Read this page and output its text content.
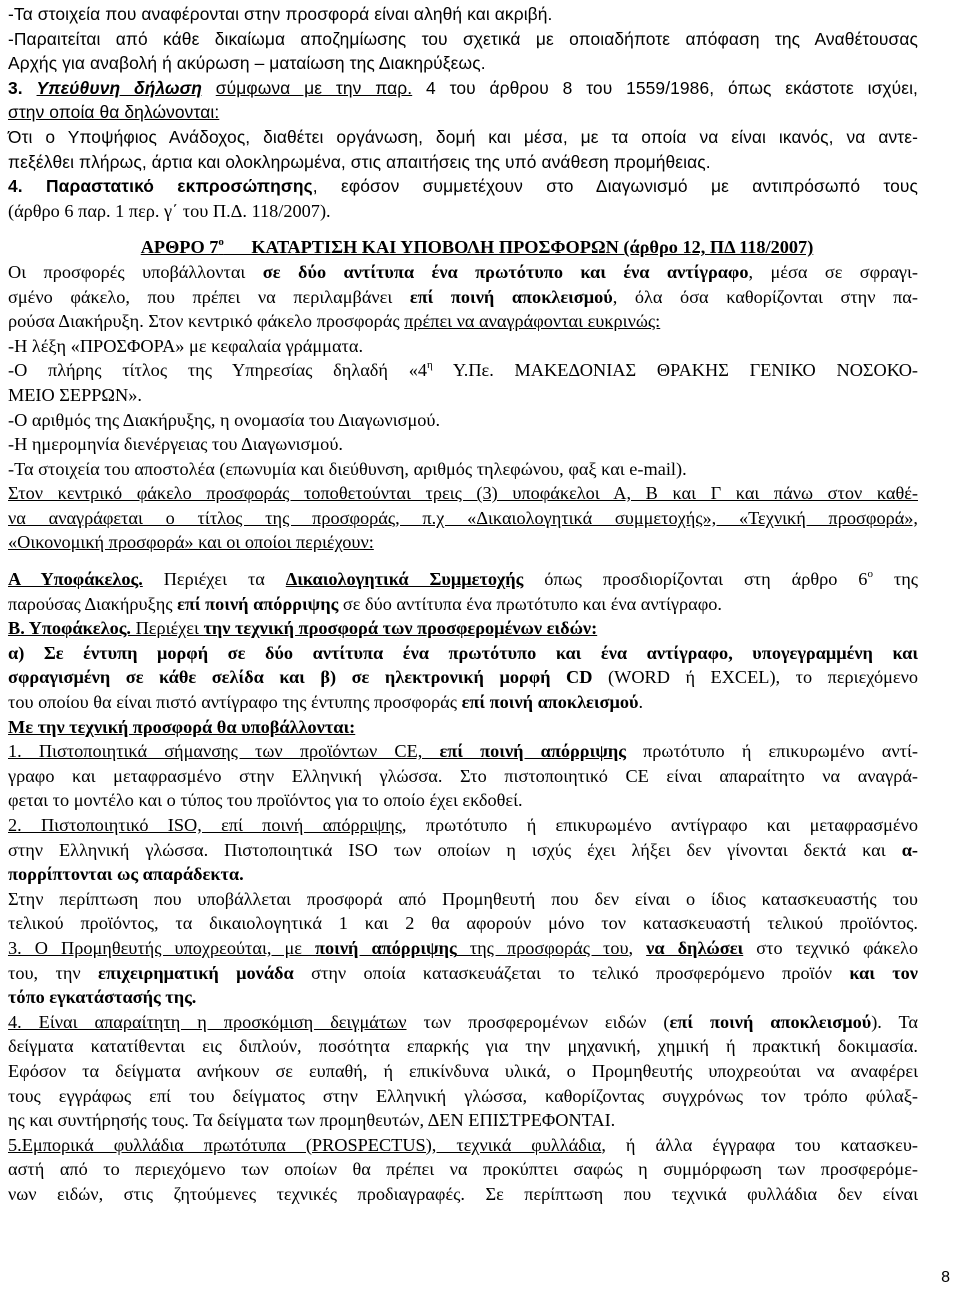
-Τα στοιχεία που αναφέρονται στην προσφορά είναι αληθή και ακριβή.
-Παραιτείται από κάθε δικαίωμα αποζημίωσης του σχετικά με οποιαδήποτε απόφαση της Αναθέτουσας
Αρχής για αναβολή ή ακύρωση – ματαίωση της Διακηρύξεως.
3. Υπεύθυνη δήλωση σύμφωνα με την παρ. 4 του άρθρου 8 του 1559/1986, όπως εκάστοτε ισχύει,
στην οποία θα δηλώνονται:
Ότι ο Υποψήφιος Ανάδοχος, διαθέτει οργάνωση, δομή και μέσα, με τα οποία να είναι ικανός, να αντε-
πεξέλθει πλήρως, άρτια και ολοκληρωμένα, στις απαιτήσεις της υπό ανάθεση προμήθειας.
4. Παραστατικό εκπροσώπησης, εφόσον συμμετέχουν στο Διαγωνισμό με αντιπρόσωπό τους
(άρθρο 6 παρ. 1 περ. γ΄ του Π.Δ. 118/2007).
ΑΡΘΡΟ $7^o$      ΚΑΤΑΡΤΙΣΗ ΚΑΙ ΥΠΟΒΟΛΗ ΠΡΟΣΦΟΡΩΝ (άρθρο 12, ΠΔ 118/2007)
Οι προσφορές υποβάλλονται σε δύο αντίτυπα ένα πρωτότυπο και ένα αντίγραφο, μέσα σε σφραγι-
σμένο φάκελο, που πρέπει να περιλαμβάνει επί ποινή αποκλεισμού, όλα όσα καθορίζονται στην πα-
ρούσα Διακήρυξη. Στον κεντρικό φάκελο προσφοράς πρέπει να αναγράφονται ευκρινώς:
-Η λέξη «ΠΡΟΣΦΟΡΑ» με κεφαλαία γράμματα.
-Ο πλήρης τίτλος της Υπηρεσίας δηλαδή «$4^\eta$ Υ.Πε. ΜΑΚΕΔΟΝΙΑΣ ΘΡΑΚΗΣ ΓΕΝΙΚΟ ΝΟΣΟΚΟ-
ΜΕΙΟ ΣΕΡΡΩΝ».
-Ο αριθμός της Διακήρυξης, η ονομασία του Διαγωνισμού.
-Η ημερομηνία διενέργειας του Διαγωνισμού.
-Τα στοιχεία του αποστολέα (επωνυμία και διεύθυνση, αριθμός τηλεφώνου, φαξ και e-mail).
Στον κεντρικό φάκελο προσφοράς τοποθετούνται τρεις (3) υποφάκελοι Α, Β και Γ και πάνω στον καθέ-
να αναγράφεται ο τίτλος της προσφοράς, π.χ «Δικαιολογητικά συμμετοχής», «Τεχνική προσφορά»,
«Οικονομική προσφορά» και οι οποίοι περιέχουν:
Α Υποφάκελος. Περιέχει τα Δικαιολογητικά Συμμετοχής όπως προσδιορίζονται στη άρθρο $6^o$ της
παρούσας Διακήρυξης επί ποινή απόρριψης σε δύο αντίτυπα ένα πρωτότυπο και ένα αντίγραφο.
Β. Υποφάκελος. Περιέχει την τεχνική προσφορά των προσφερομένων ειδών:
α) Σε έντυπη μορφή σε δύο αντίτυπα ένα πρωτότυπο και ένα αντίγραφο, υπογεγραμμένη και
σφραγισμένη σε κάθε σελίδα και β) σε ηλεκτρονική μορφή CD (WORD ή EXCEL), το περιεχόμενο
του οποίου θα είναι πιστό αντίγραφο της έντυπης προσφοράς επί ποινή αποκλεισμού.
Με την τεχνική προσφορά θα υποβάλλονται:
1. Πιστοποιητικά σήμανσης των προϊόντων CE, επί ποινή απόρριψης πρωτότυπο ή επικυρωμένο αντί-
γραφο και μεταφρασμένο στην Ελληνική γλώσσα. Στο πιστοποιητικό CE είναι απαραίτητο να αναγρά-
φεται το μοντέλο και ο τύπος του προϊόντος για το οποίο έχει εκδοθεί.
2. Πιστοποιητικό ISO, επί ποινή απόρριψης, πρωτότυπο ή επικυρωμένο αντίγραφο και μεταφρασμένο
στην Ελληνική γλώσσα. Πιστοποιητικά ISO των οποίων η ισχύς έχει λήξει δεν γίνονται δεκτά και α-
πορρίπτονται ως απαράδεκτα.
Στην περίπτωση που υποβάλλεται προσφορά από Προμηθευτή που δεν είναι ο ίδιος κατασκευαστής του
τελικού προϊόντος, τα δικαιολογητικά 1 και 2 θα αφορούν μόνο τον κατασκευαστή τελικού προϊόντος.
3. Ο Προμηθευτής υποχρεούται, με ποινή απόρριψης της προσφοράς του, να δηλώσει στο τεχνικό φάκελο
του, την επιχειρηματική μονάδα στην οποία κατασκευάζεται το τελικό προσφερόμενο προϊόν και τον
τόπο εγκατάστασής της.
4. Είναι απαραίτητη η προσκόμιση δειγμάτων των προσφερομένων ειδών (επί ποινή αποκλεισμού). Τα
δείγματα κατατίθενται εις διπλούν, ποσότητα επαρκής για την μηχανική, χημική ή πρακτική δοκιμασία.
Εφόσον τα δείγματα ανήκουν σε ευπαθή, ή επικίνδυνα υλικά, ο Προμηθευτής υποχρεούται να αναφέρει
τους εγγράφως επί του δείγματος στην Ελληνική γλώσσα, καθορίζοντας συγχρόνως τον τρόπο φύλαξ-
ης και συντήρησής τους. Τα δείγματα των προμηθευτών, ΔΕΝ ΕΠΙΣΤΡΕΦΟΝΤΑΙ.
5.Εμπορικά φυλλάδια πρωτότυπα (PROSPECTUS), τεχνικά φυλλάδια, ή άλλα έγγραφα του κατασκευ-
αστή από το περιεχόμενο των οποίων θα πρέπει να προκύπτει σαφώς η συμμόρφωση των προσφερόμε-
νων ειδών, στις ζητούμενες τεχνικές προδιαγραφές. Σε περίπτωση που τεχνικά φυλλάδια δεν είναι
8
